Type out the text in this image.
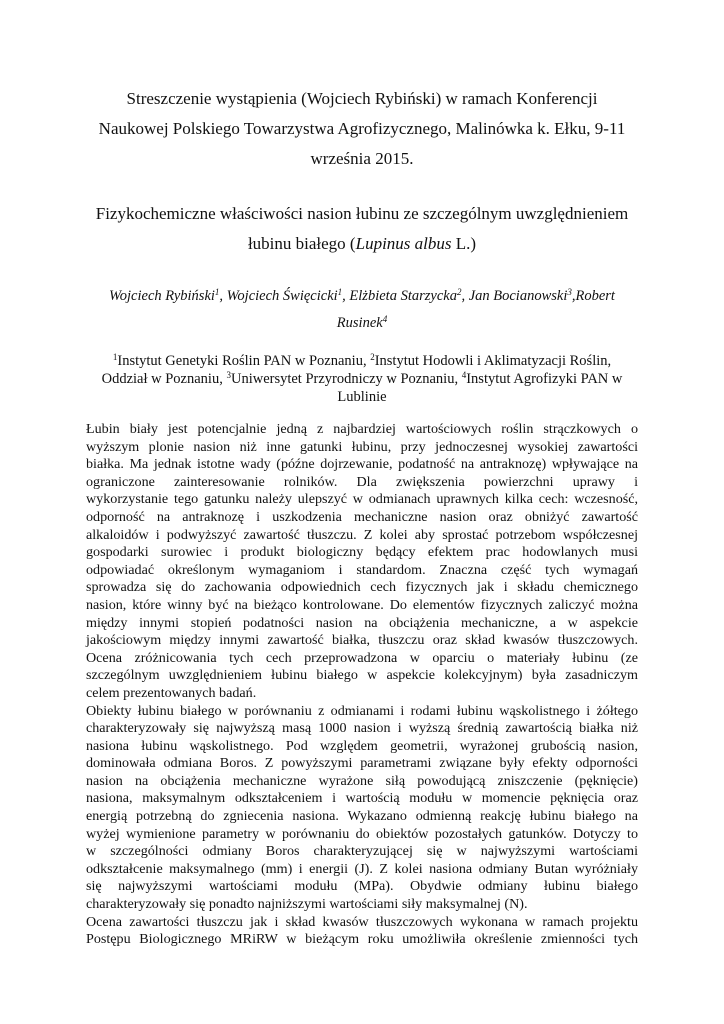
Streszczenie wystąpienia (Wojciech Rybiński) w ramach Konferencji
Naukowej Polskiego Towarzystwa Agrofizycznego, Malinówka k. Ełku, 9-11
września 2015.
Fizykochemiczne właściwości nasion łubinu ze szczególnym uwzględnieniem
łubinu białego (Lupinus albus L.)
Wojciech Rybiński$^1$, Wojciech Święcicki$^1$, Elżbieta Starzycka$^2$, Jan Bocianowski$^3$,Robert
Rusinek$^4$
$^1$Instytut Genetyki Roślin PAN w Poznaniu, $^2$Instytut Hodowli i Aklimatyzacji Roślin,
Oddział w Poznaniu, $^3$Uniwersytet Przyrodniczy w Poznaniu, $^4$Instytut Agrofizyki PAN w
Lublinie
Łubin biały jest potencjalnie jedną z najbardziej wartościowych roślin strączkowych o
wyższym plonie nasion niż inne gatunki łubinu, przy jednoczesnej wysokiej zawartości
białka. Ma jednak istotne wady (późne dojrzewanie, podatność na antraknozę) wpływające na
ograniczone zainteresowanie rolników. Dla zwiększenia powierzchni uprawy i
wykorzystanie tego gatunku należy ulepszyć w odmianach uprawnych kilka cech: wczesność,
odporność na antraknozę i uszkodzenia mechaniczne nasion oraz obniżyć zawartość
alkaloidów i podwyższyć zawartość tłuszczu. Z kolei aby sprostać potrzebom współczesnej
gospodarki surowiec i produkt biologiczny będący efektem prac hodowlanych musi
odpowiadać określonym wymaganiom i standardom. Znaczna część tych wymagań
sprowadza się do zachowania odpowiednich cech fizycznych jak i składu chemicznego
nasion, które winny być na bieżąco kontrolowane. Do elementów fizycznych zaliczyć można
między innymi stopień podatności nasion na obciążenia mechaniczne, a w aspekcie
jakościowym między innymi zawartość białka, tłuszczu oraz skład kwasów tłuszczowych.
Ocena zróżnicowania tych cech przeprowadzona w oparciu o materiały łubinu (ze
szczególnym uwzględnieniem łubinu białego w aspekcie kolekcyjnym) była zasadniczym
celem prezentowanych badań.
Obiekty łubinu białego w porównaniu z odmianami i rodami łubinu wąskolistnego i żółtego
charakteryzowały się najwyższą masą 1000 nasion i wyższą średnią zawartością białka niż
nasiona łubinu wąskolistnego. Pod względem geometrii, wyrażonej grubością nasion,
dominowała odmiana Boros. Z powyższymi parametrami związane były efekty odporności
nasion na obciążenia mechaniczne wyrażone siłą powodującą zniszczenie (pęknięcie)
nasiona, maksymalnym odkształceniem i wartością modułu w momencie pęknięcia oraz
energią potrzebną do zgniecenia nasiona. Wykazano odmienną reakcję łubinu białego na
wyżej wymienione parametry w porównaniu do obiektów pozostałych gatunków. Dotyczy to
w szczególności odmiany Boros charakteryzującej się w najwyższymi wartościami
odkształcenie maksymalnego (mm) i energii (J). Z kolei nasiona odmiany Butan wyróżniały
się najwyższymi wartościami modułu (MPa). Obydwie odmiany łubinu białego
charakteryzowały się ponadto najniższymi wartościami siły maksymalnej (N).
Ocena zawartości tłuszczu jak i skład kwasów tłuszczowych wykonana w ramach projektu
Postępu Biologicznego MRiRW w bieżącym roku umożliwiła określenie zmienności tych
